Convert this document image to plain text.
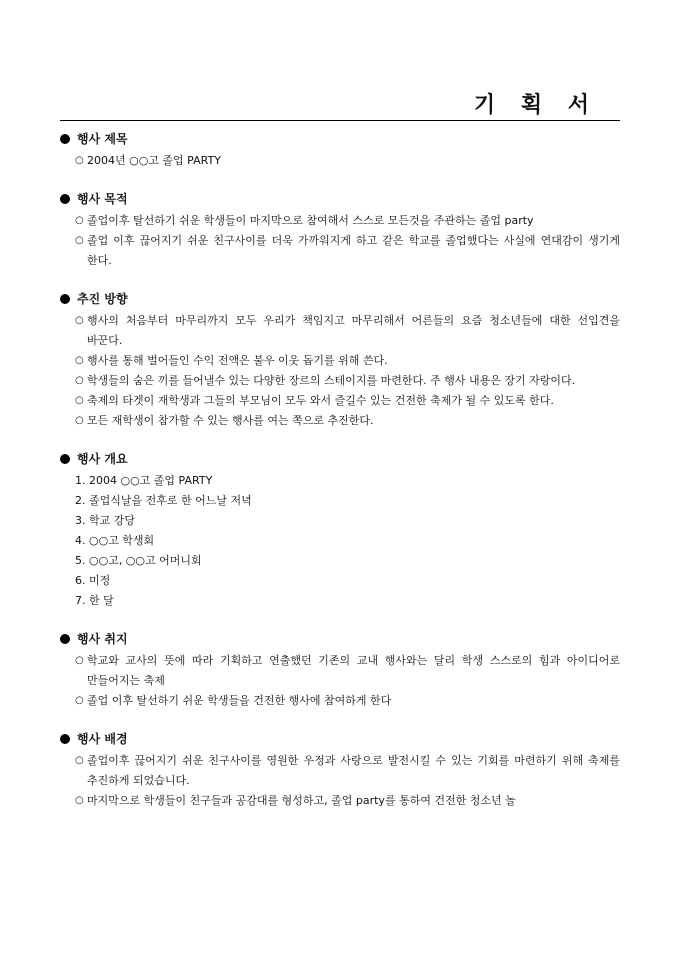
기 획 서
행사 제목
○ 2004년 ○○고 졸업 PARTY
행사 목적
○ 졸업이후 탈선하기 쉬운 학생들이 마지막으로 참여해서 스스로 모든것을 주관하는 졸업 party
○ 졸업 이후 끊어지기 쉬운 친구사이를 더욱 가까워지게 하고 같은 학교를 졸업했다는 사실에 연대감이 생기게 한다.
추진 방향
○ 행사의 처음부터 마무리까지 모두 우리가 책임지고 마무리해서 어른들의 요즘 청소년들에 대한 선입견을 바꾼다.
○ 행사를 통해 벌어들인 수익 전액은 불우 이웃 돕기를 위해 쓴다.
○ 학생들의 숨은 끼를 들어낼수 있는 다양한 장르의 스테이지를 마련한다. 주 행사 내용은 장기 자랑이다.
○ 축제의 타겟이 재학생과 그들의 부모님이 모두 와서 즐길수 있는 건전한 축제가 될 수 있도록 한다.
○ 모든 재학생이 참가할 수 있는 행사를 여는 쪽으로 추진한다.
행사 개요
1. 2004 ○○고 졸업 PARTY
2. 졸업식날을 전후로 한 어느날 저녁
3. 학교 강당
4. ○○고 학생회
5. ○○고, ○○고 어머니회
6. 미정
7. 한 달
행사 취지
○ 학교와 교사의 뜻에 따라 기획하고 연출했던 기존의 교내 행사와는 달리 학생 스스로의 힘과 아이디어로 만들어지는 축제
○ 졸업 이후 탈선하기 쉬운 학생들을 건전한 행사에 참여하게 한다
행사 배경
○ 졸업이후 끊어지기 쉬운 친구사이를 영원한 우정과 사랑으로 발전시킬 수 있는 기회를 마련하기 위해 축제를 추진하게 되었습니다.
○ 마지막으로 학생들이 친구들과 공감대를 형성하고, 졸업 party를 통하여 건전한 청소년 놀
